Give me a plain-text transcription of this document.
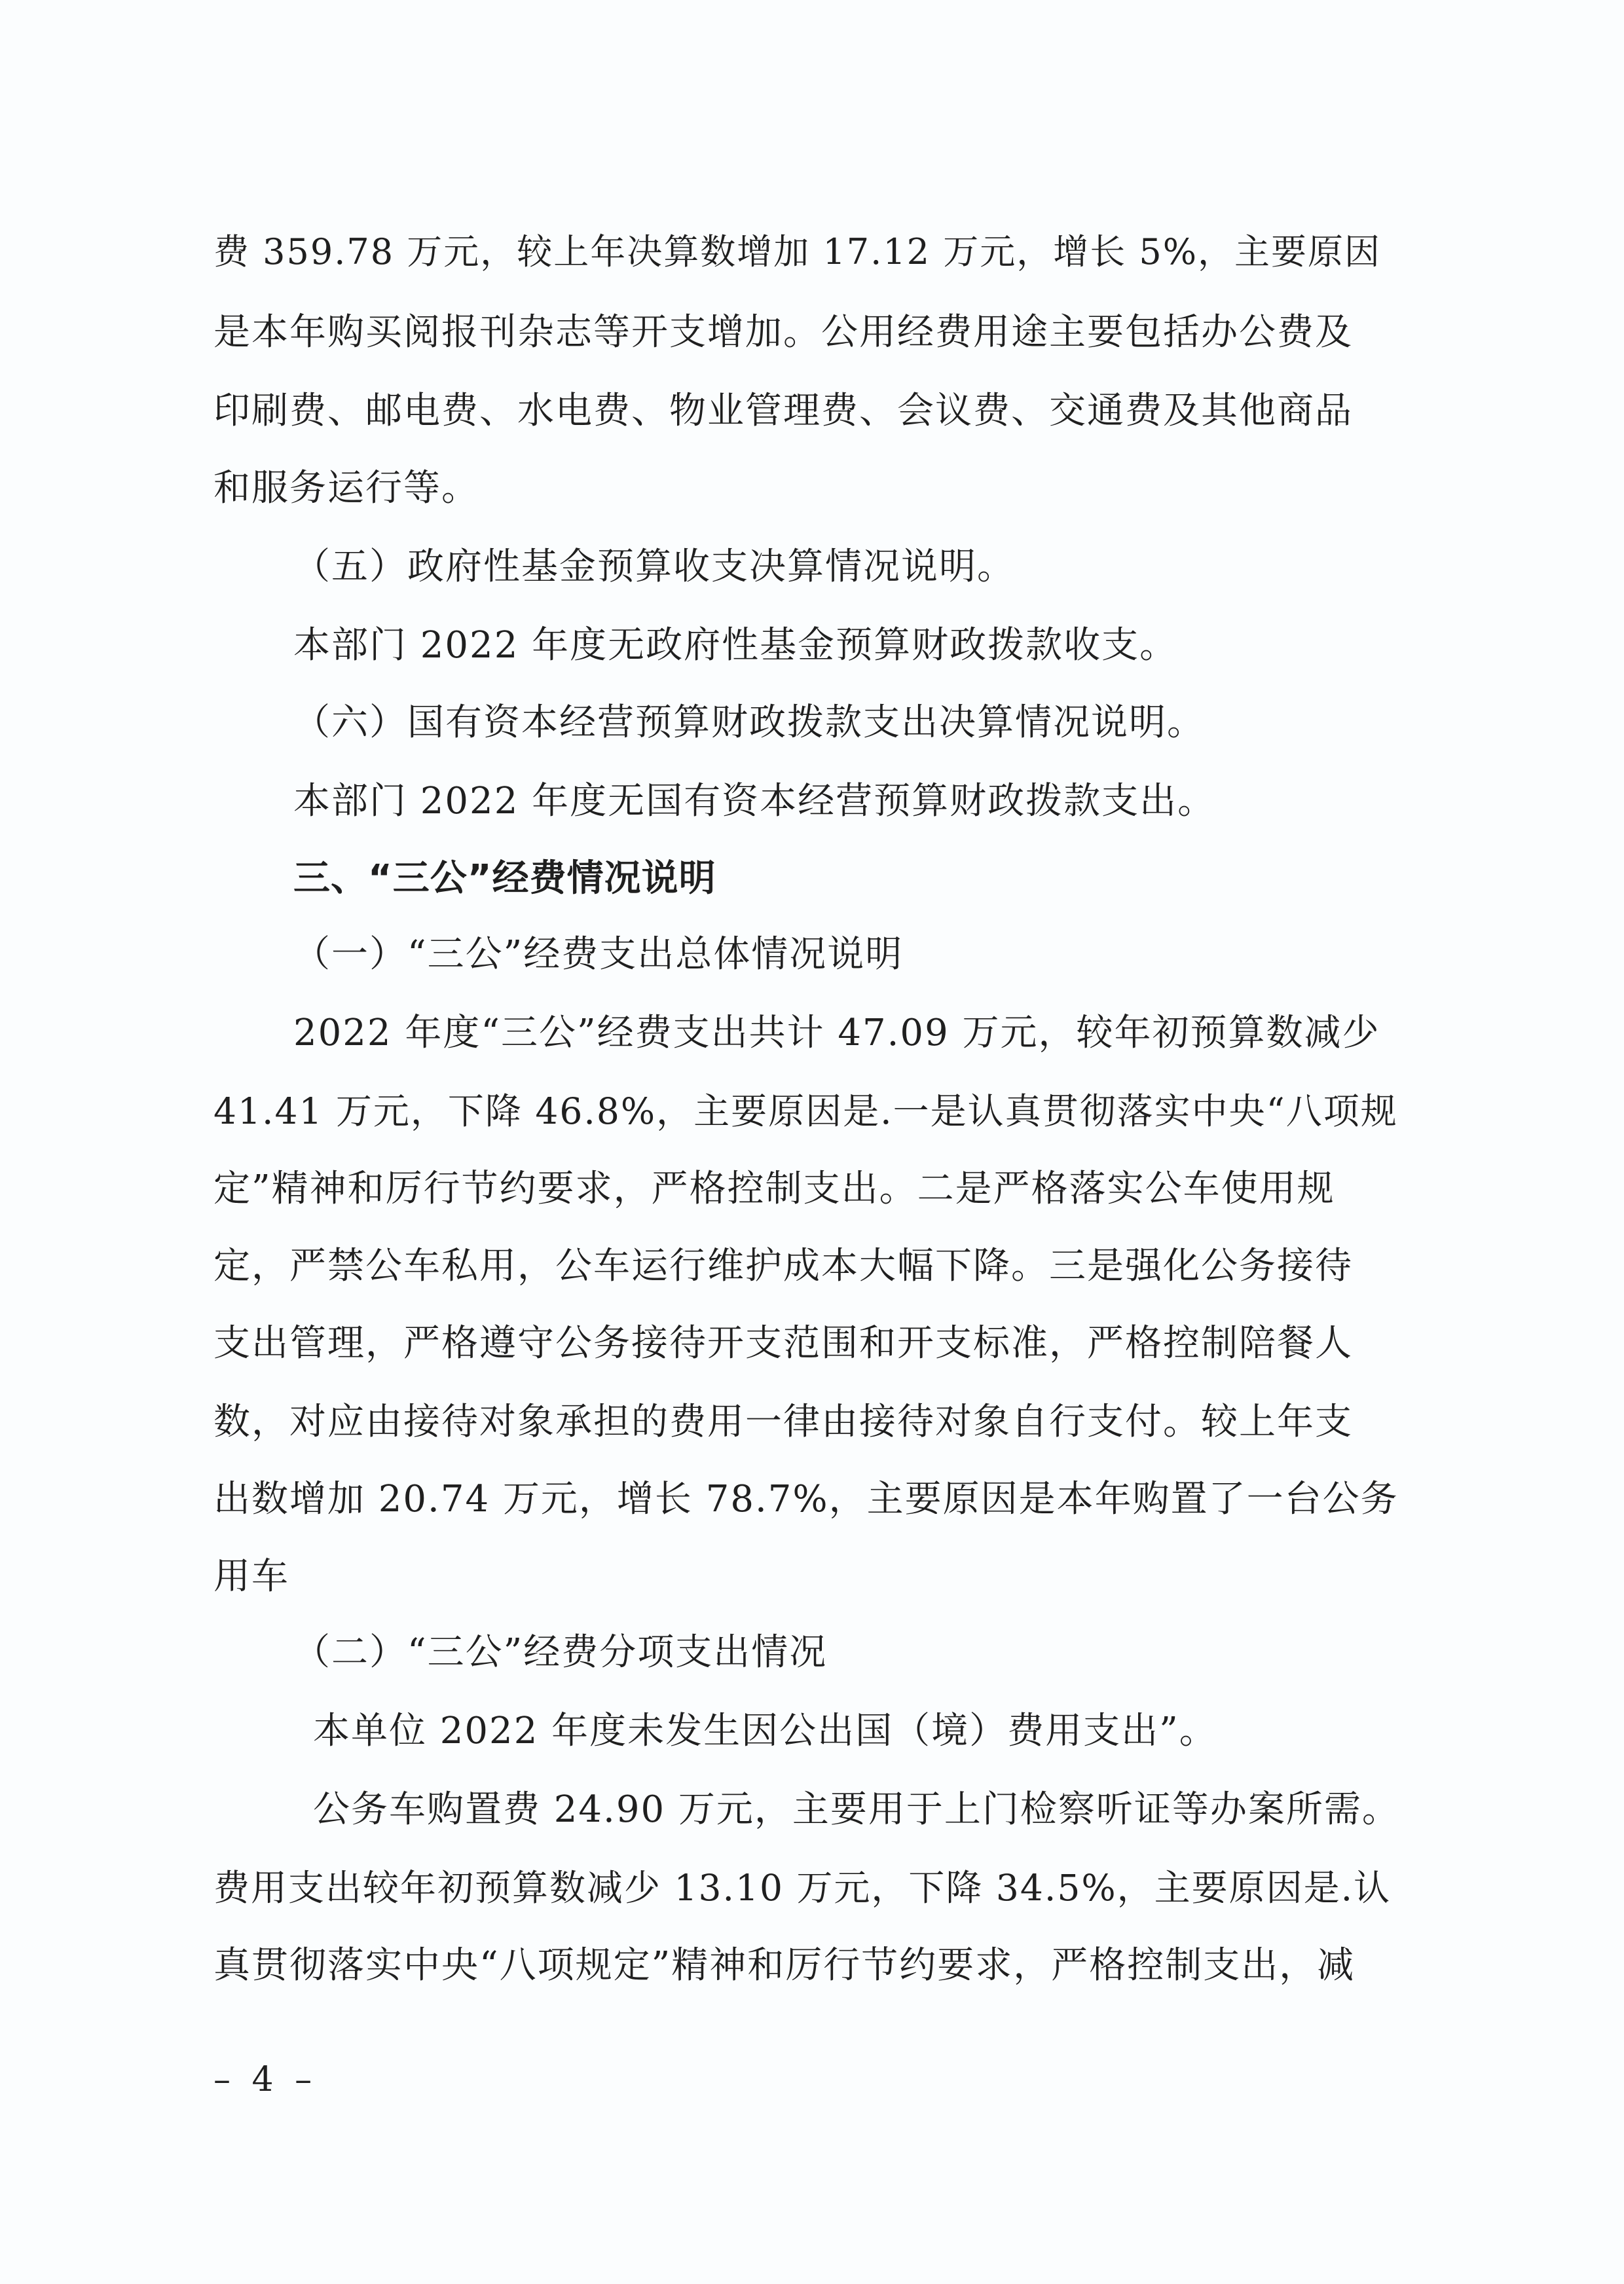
费 359.78 万元，较上年决算数增加 17.12 万元，增长 5%，主要原因
是本年购买阅报刊杂志等开支增加。公用经费用途主要包括办公费及
印刷费、邮电费、水电费、物业管理费、会议费、交通费及其他商品
和服务运行等。
（五）政府性基金预算收支决算情况说明。
本部门 2022 年度无政府性基金预算财政拨款收支。
（六）国有资本经营预算财政拨款支出决算情况说明。
本部门 2022 年度无国有资本经营预算财政拨款支出。
三、“三公”经费情况说明
（一）“三公”经费支出总体情况说明
2022 年度“三公”经费支出共计 47.09 万元，较年初预算数减少
41.41 万元，下降 46.8%，主要原因是.一是认真贯彻落实中央“八项规
定”精神和厉行节约要求，严格控制支出。二是严格落实公车使用规
定，严禁公车私用，公车运行维护成本大幅下降。三是强化公务接待
支出管理，严格遵守公务接待开支范围和开支标准，严格控制陪餐人
数，对应由接待对象承担的费用一律由接待对象自行支付。较上年支
出数增加 20.74 万元，增长 78.7%，主要原因是本年购置了一台公务
用车
（二）“三公”经费分项支出情况
本单位 2022 年度未发生因公出国（境）费用支出”。
公务车购置费 24.90 万元，主要用于上门检察听证等办案所需。
费用支出较年初预算数减少 13.10 万元，下降 34.5%，主要原因是.认
真贯彻落实中央“八项规定”精神和厉行节约要求，严格控制支出，减
– 4 –
